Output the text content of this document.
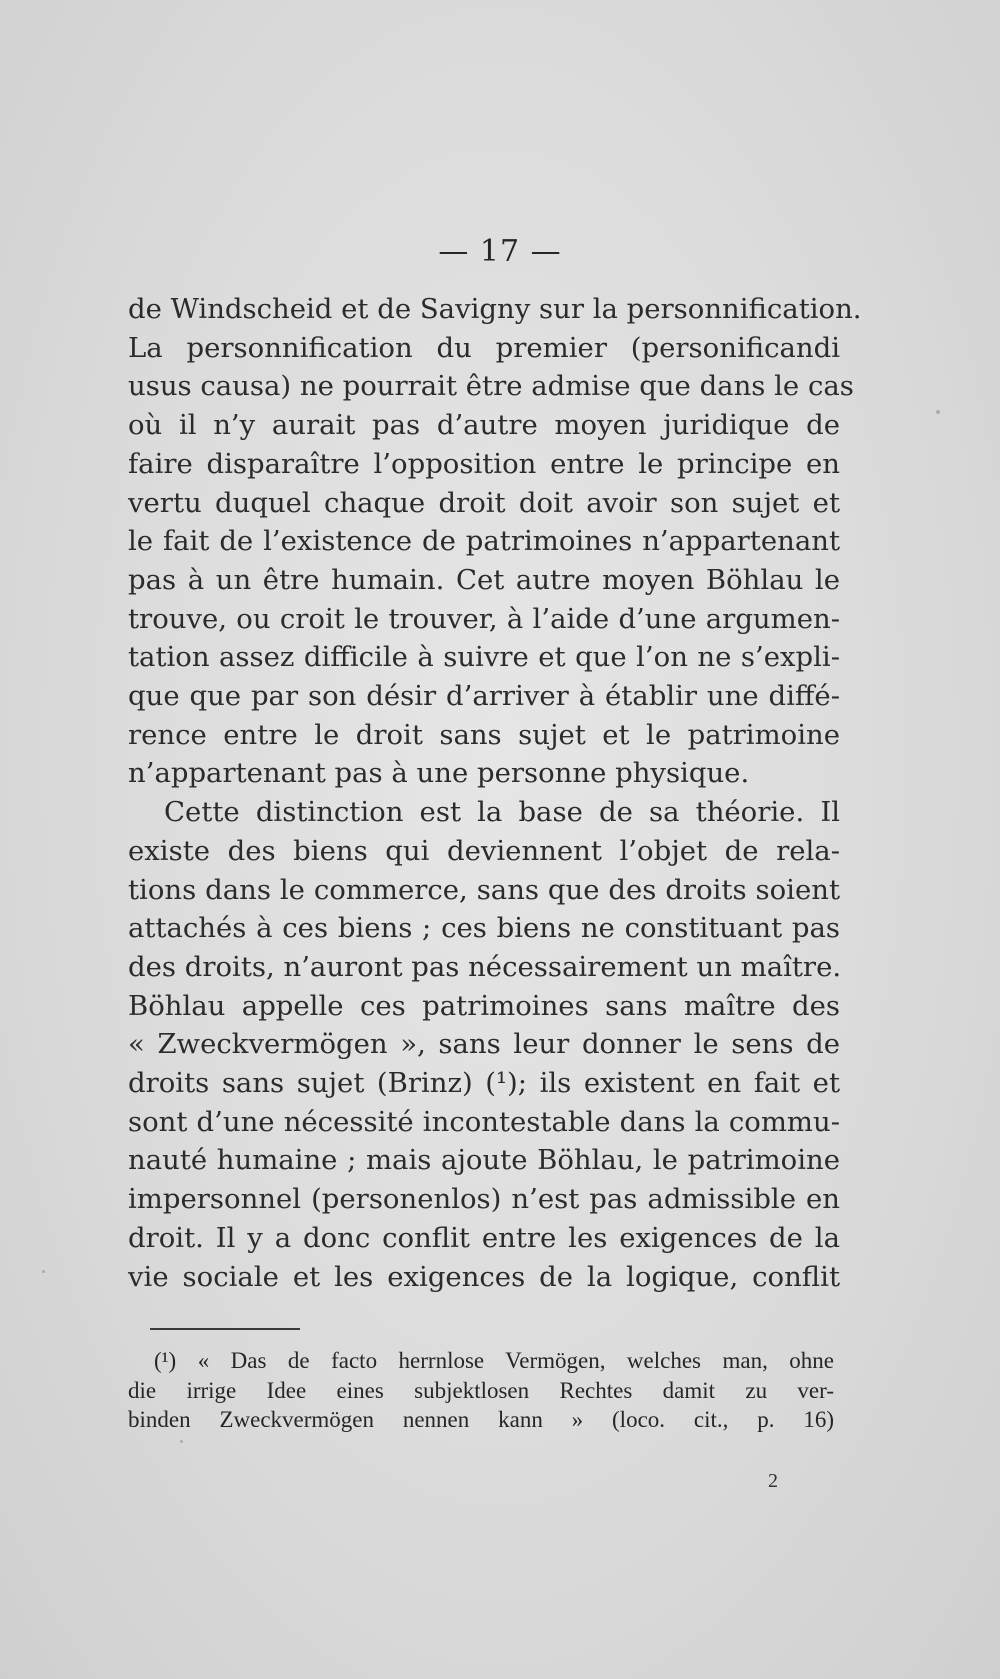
— 17 —
de Windscheid et de Savigny sur la personnification.
La personnification du premier (personificandi
usus causa) ne pourrait être admise que dans le cas
où il n’y aurait pas d’autre moyen juridique de
faire disparaître l’opposition entre le principe en
vertu duquel chaque droit doit avoir son sujet et
le fait de l’existence de patrimoines n’appartenant
pas à un être humain. Cet autre moyen Böhlau le
trouve, ou croit le trouver, à l’aide d’une argumen-
tation assez difficile à suivre et que l’on ne s’expli-
que que par son désir d’arriver à établir une diffé-
rence entre le droit sans sujet et le patrimoine
n’appartenant pas à une personne physique.
Cette distinction est la base de sa théorie. Il
existe des biens qui deviennent l’objet de rela-
tions dans le commerce, sans que des droits soient
attachés à ces biens ; ces biens ne constituant pas
des droits, n’auront pas nécessairement un maître.
Böhlau appelle ces patrimoines sans maître des
« Zweckvermögen », sans leur donner le sens de
droits sans sujet (Brinz) (¹); ils existent en fait et
sont d’une nécessité incontestable dans la commu-
nauté humaine ; mais ajoute Böhlau, le patrimoine
impersonnel (personenlos) n’est pas admissible en
droit. Il y a donc conflit entre les exigences de la
vie sociale et les exigences de la logique, conflit
(¹) « Das de facto herrnlose Vermögen, welches man, ohne
die irrige Idee eines subjektlosen Rechtes damit zu ver-
binden Zweckvermögen nennen kann » (loco. cit., p. 16)
2
